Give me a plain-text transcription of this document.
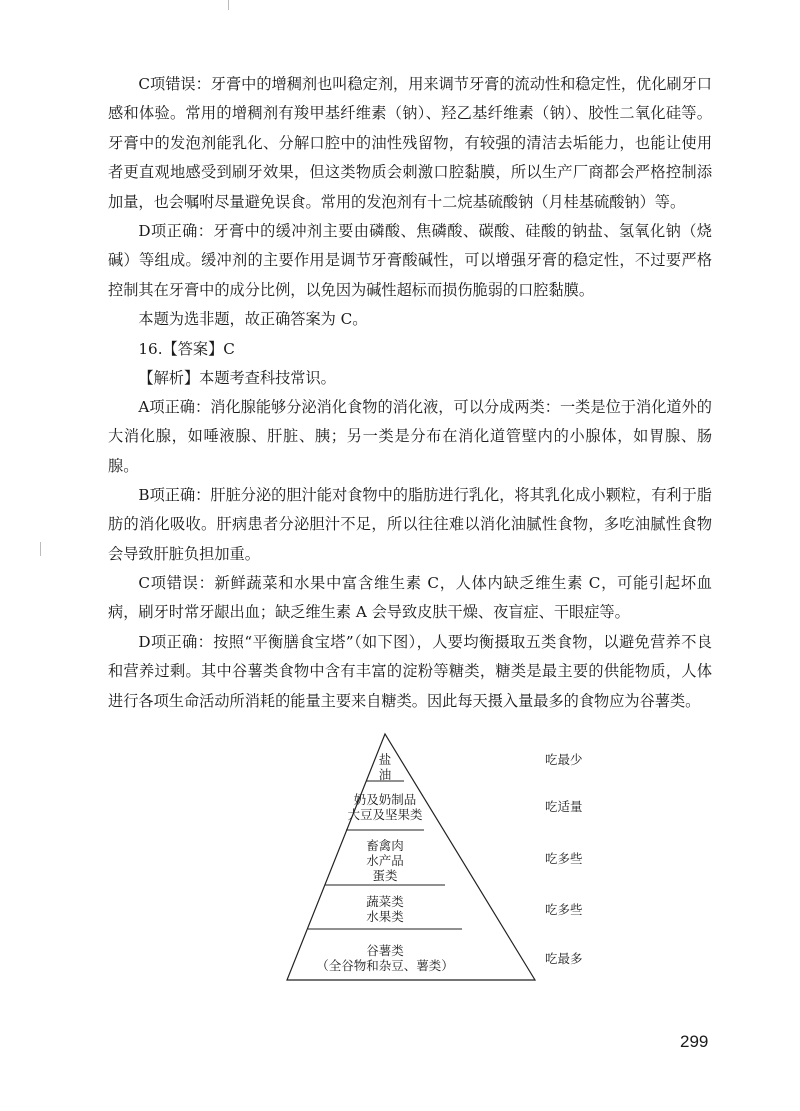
C项错误：牙膏中的增稠剂也叫稳定剂，用来调节牙膏的流动性和稳定性，优化刷牙口感和体验。常用的增稠剂有羧甲基纤维素（钠）、羟乙基纤维素（钠）、胶性二氧化硅等。牙膏中的发泡剂能乳化、分解口腔中的油性残留物，有较强的清洁去垢能力，也能让使用者更直观地感受到刷牙效果，但这类物质会刺激口腔黏膜，所以生产厂商都会严格控制添加量，也会嘱咐尽量避免误食。常用的发泡剂有十二烷基硫酸钠（月桂基硫酸钠）等。

D项正确：牙膏中的缓冲剂主要由磷酸、焦磷酸、碳酸、硅酸的钠盐、氢氧化钠（烧碱）等组成。缓冲剂的主要作用是调节牙膏酸碱性，可以增强牙膏的稳定性，不过要严格控制其在牙膏中的成分比例，以免因为碱性超标而损伤脆弱的口腔黏膜。

本题为选非题，故正确答案为 C。

16.【答案】C

【解析】本题考查科技常识。

A项正确：消化腺能够分泌消化食物的消化液，可以分成两类：一类是位于消化道外的大消化腺，如唾液腺、肝脏、胰；另一类是分布在消化道管壁内的小腺体，如胃腺、肠腺。

B项正确：肝脏分泌的胆汁能对食物中的脂肪进行乳化，将其乳化成小颗粒，有利于脂肪的消化吸收。肝病患者分泌胆汁不足，所以往往难以消化油腻性食物，多吃油腻性食物会导致肝脏负担加重。

C项错误：新鲜蔬菜和水果中富含维生素 C，人体内缺乏维生素 C，可能引起坏血病，刷牙时常牙龈出血；缺乏维生素 A 会导致皮肤干燥、夜盲症、干眼症等。

D项正确：按照“平衡膳食宝塔”（如下图），人要均衡摄取五类食物，以避免营养不良和营养过剩。其中谷薯类食物中含有丰富的淀粉等糖类，糖类是最主要的供能物质，人体进行各项生命活动所消耗的能量主要来自糖类。因此每天摄入量最多的食物应为谷薯类。

盐
油
奶及奶制品
大豆及坚果类
畜禽肉
水产品
蛋类
蔬菜类
水果类
谷薯类
（全谷物和杂豆、薯类）
吃最少
吃适量
吃多些
吃多些
吃最多
299
